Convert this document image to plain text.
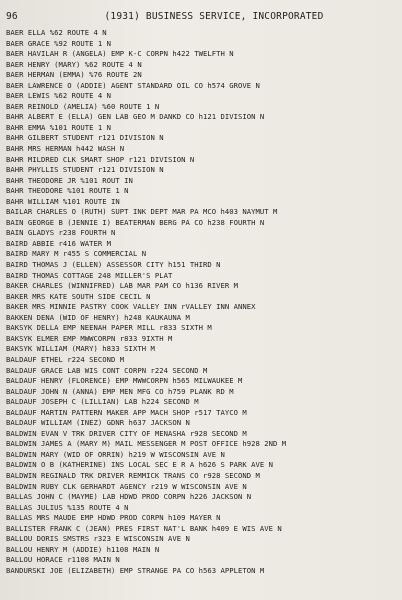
96	(1931) BUSINESS SERVICE, INCORPORATED
BAER ELLA %62 ROUTE 4 N
BAER GRACE %92 ROUTE 1 N
BAER HAVILAH R (ANGELA) EMP K-C CORPN h422 TWELFTH N
BAER HENRY (MARY) %62 ROUTE 4 N
BAER HERMAN (EMMA) %76 ROUTE 2N
BAER LAWRENCE O (ADDIE) AGENT STANDARD OIL CO h574 GROVE N
BAER LEWIS %62 ROUTE 4 N
BAER REINOLD (AMELIA) %60 ROUTE 1 N
BAHR ALBERT E (ELLA) GEN LAB GEO M DANKD CO h121 DIVISION N
BAHR EMMA %101 ROUTE 1 N
BAHR GILBERT STUDENT r121 DIVISION N
BAHR MRS HERMAN h442 WASH N
BAHR MILDRED CLK SMART SHOP r121 DIVISION N
BAHR PHYLLIS STUDENT r121 DIVISION N
BAHR THEODORE JR %101 ROUT IN
BAHR THEODORE %101 ROUTE 1 N
BAHR WILLIAM %101 ROUTE IN
BAILAR CHARLES O (RUTH) SUPT INK DEPT MAR PA MCO h403 NAYMUT M
BAIN GEORGE B (JENNIE I) BEATERMAN BERG PA CO h238 FOURTH N
BAIN GLADYS r238 FOURTH N
BAIRD ABBIE r416 WATER M
BAIRD MARY M r455 S COMMERCIAL N
BAIRD THOMAS J (ELLEN) ASSESSOR CITY h151 THIRD N
BAIRD THOMAS COTTAGE 248 MILLER'S PLAT
BAKER CHARLES (WINNIFRED) LAB MAR PAM CO h136 RIVER M
BAKER MRS KATE SOUTH SIDE CECIL N
BAKER MRS MINNIE PASTRY COOK VALLEY INN rVALLEY INN ANNEX
BAKKEN DENA (WID OF HENRY) h248 KAUKAUNA M
BAKSYK DELLA EMP NEENAH PAPER MILL r833 SIXTH M
BAKSYK ELMER EMP MWWCORPN r833 9IXTH M
BAKSYK WILLIAM (MARY) h833 SIXTH M
BALDAUF ETHEL r224 SECOND M
BALDAUF GRACE LAB WIS CONT CORPN r224 SECOND M
BALDAUF HENRY (FLORENCE) EMP MWWCORPN h565 MILWAUKEE M
BALDAUF JOHN N (ANNA) EMP MEN MFG CO h759 PLANK RD M
BALDAUF JOSEPH C (LILLIAN) LAB h224 SECOND M
BALDAUF MARTIN PATTERN MAKER APP MACH SHOP r517 TAYCO M
BALDAUF WILLIAM (INEZ) GDNR h637 JACKSON N
BALDWIN EVAN V TRK DRIVER CITY OF MENASHA r928 SECOND M
BALDWIN JAMES A (MARY M) MAIL MESSENGER M POST OFFICE h928 2ND M
BALDWIN MARY (WID OF ORRIN) h219 W WISCONSIN AVE N
BALDWIN O B (KATHERINE) INS LOCAL SEC E R A h626 S PARK AVE N
BALDWIN REGINALD TRK DRIVER REMMICK TRANS CO r928 SECOND M
BALDWIN RUBY CLK GERHARDT AGENCY r219 W WISCONSIN AVE N
BALLAS JOHN C (MAYME) LAB HDWD PROD CORPN h226 JACKSON N
BALLAS JULIUS %135 ROUTE 4 N
BALLAS MRS MAUDE EMP HDWD PROD CORPN h109 MAYER N
BALLISTER FRANK C (JEAN) PRES FIRST NAT'L BANK h409 E WIS AVE N
BALLOU DORIS SMSTRS r323 E WISCONSIN AVE N
BALLOU HENRY M (ADDIE) h1108 MAIN N
BALLOU HORACE r1108 MAIN N
BANDURSKI JOE (ELIZABETH) EMP STRANGE PA CO h563 APPLETON M
